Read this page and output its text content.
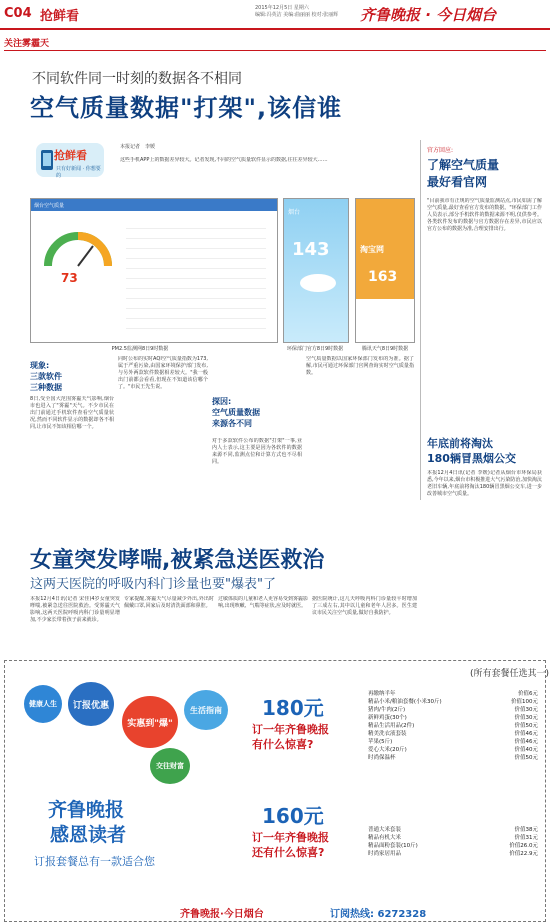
C04 抢鲜看
2015年12月5日 星期六
编辑:冯英洁 美编:曲丽丽 校对:张丽辉	齐鲁晚报 · 今日烟台
关注雾霾天
不同软件同一时刻的数据各不相同
空气质量数据"打架",该信谁
抢鲜看
只有好新闻 · 你想要的
本报记者　李媛
这些手机APP上的数据差异较大。记者发现,不同的空气质量软件显示的数据,往往差异较大……
烟台空气质量
73
PM2.5监测网8日9时数据
烟台
143
环保部门官方8日9时数据
淘宝网
163
腾讯天气8日9时数据
现象:
三款软件
三种数据
8日,受全国大范围雾霾天气影响,烟台市也进入了"雾霾"天气。不少市民在出门前通过手机软件查看空气质量状况,然而不同软件显示的数据却各不相同,让市民不知该相信哪一个。
同时公布的实时AQI空气质量指数为173,属于严重污染,由国家环境保护部门发布,与另外两款软件数据相差较大。"我一般出门前都会看看,但现在不知道该信哪个了。"市民王先生说。
探因:
空气质量数据
来源各不同
对于多款软件公布的数据"打架"一事,业内人士表示,这主要是因为各软件的数据来源不同,监测点位和计算方式也不尽相同。
空气质量数据以国家环保部门发布的为准。据了解,市民可通过环保部门官网查询实时空气质量指数。
官方回应:
了解空气质量
最好看官网
"目前我市有正规的空气质量监测站点,市民如需了解空气质量,最好查看官方发布的数据。"环保部门工作人员表示,部分手机软件的数据来源不明,仅供参考。各类软件发布的数据与官方数据存在差异,市民应以官方公布的数据为准,合理安排出行。
年底前将淘汰
180辆冒黑烟公交
本报12月4日讯(记者 李媛)记者从烟台市环保局获悉,今年以来,烟台市积极推进大气污染防治,加快淘汰老旧车辆,年底前将淘汰180辆冒黑烟公交车,进一步改善城市空气质量。
女童突发哮喘,被紧急送医救治
这两天医院的呼吸内科门诊量也要"爆表"了
本报12月4日讯(记者 宋佳)4岁女童突发哮喘,被紧急送往医院救治。受雾霾天气影响,这两天医院呼吸内科门诊量明显增加,不少家长带着孩子前来就诊。
专家提醒,雾霾天气尽量减少外出,外出时佩戴口罩,回家后及时清洗面部和鼻腔。
过敏体质的儿童和老人更容易受到雾霾影响,出现咳嗽、气喘等症状,应及时就医。
据医院统计,这几天呼吸内科门诊量较平时增加了三成左右,其中以儿童和老年人居多。医生建议市民关注空气质量,做好自我防护。
(所有套餐任选其一)
健康人生	订报优惠
实惠到"爆"
生活指南
交往财富
齐鲁晚报
感恩读者
订报套餐总有一款适合您
180元
订一年齐鲁晚报
有什么惊喜?
再缴纳半年	价值6元
精品小米/粮油套餐(小米30斤)	价值100元
猪肉/牛肉(2斤)	价值30元
新鲜鸡蛋(30个)	价值30元
精品生活用品(2件)	价值50元
精美洗衣液套装	价值46元
苹果(5斤)	价值46元
爱心大米(20斤)	价值40元
时尚保温杯	价值50元
160元
订一年齐鲁晚报
还有什么惊喜?
普通大米套装	价值38元
精品有机大米	价值31元
精品面粉套装(10斤)	价值26.0元
时尚家居用品	价值22.9元
齐鲁晚报·今日烟台	订阅热线: 6272328
